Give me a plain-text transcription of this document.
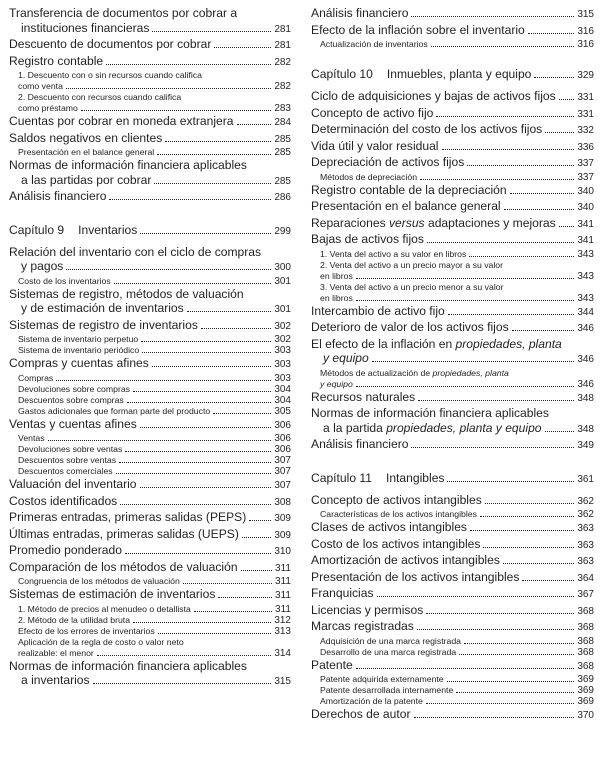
Transferencia de documentos por cobrar a
instituciones financieras	281
Descuento de documentos por cobrar	281
Registro contable	282
1. Descuento con o sin recursos cuando califica
como venta	282
2. Descuento con recursos cuando califica
como préstamo	283
Cuentas por cobrar en moneda extranjera	284
Saldos negativos en clientes	285
Presentación en el balance general	285
Normas de información financiera aplicables
a las partidas por cobrar	285
Análisis financiero	286
Capítulo 9 Inventarios	299
Relación del inventario con el ciclo de compras
y pagos	300
Costo de los inventarios	301
Sistemas de registro, métodos de valuación
y de estimación de inventarios	301
Sistemas de registro de inventarios	302
Sistema de inventario perpetuo	302
Sistema de inventario periódico	303
Compras y cuentas afines	303
Compras	303
Devoluciones sobre compras	304
Descuentos sobre compras	304
Gastos adicionales que forman parte del producto	305
Ventas y cuentas afines	306
Ventas	306
Devoluciones sobre ventas	306
Descuentos sobre ventas	307
Descuentos comerciales	307
Valuación del inventario	307
Costos identificados	308
Primeras entradas, primeras salidas (PEPS)	309
Últimas entradas, primeras salidas (UEPS)	309
Promedio ponderado	310
Comparación de los métodos de valuación	311
Congruencia de los métodos de valuación	311
Sistemas de estimación de inventarios	311
1. Método de precios al menudeo o detallista	311
2. Método de la utilidad bruta	312
Efecto de los errores de inventarios	313
Aplicación de la regla de costo o valor neto
realizable: el menor	314
Normas de información financiera aplicables
a inventarios	315
Análisis financiero	315
Efecto de la inflación sobre el inventario	316
Actualización de inventarios	316
Capítulo 10 Inmuebles, planta y equipo	329
Ciclo de adquisiciones y bajas de activos fijos 331
Concepto de activo fijo	331
Determinación del costo de los activos fijos	332
Vida útil y valor residual	336
Depreciación de activos fijos	337
Métodos de depreciación	337
Registro contable de la depreciación	340
Presentación en el balance general	340
Reparaciones versus adaptaciones y mejoras 341
Bajas de activos fijos	341
1. Venta del activo a su valor en libros	343
2. Venta del activo a un precio mayor a su valor
en libros	343
3. Venta del activo a un precio menor a su valor
en libros	343
Intercambio de activo fijo	344
Deterioro de valor de los activos fijos	346
El efecto de la inflación en propiedades, planta
y equipo	346
Métodos de actualización de propiedades, planta
y equipo	346
Recursos naturales	348
Normas de información financiera aplicables
a la partida propiedades, planta y equipo	348
Análisis financiero	349
Capítulo 11 Intangibles	361
Concepto de activos intangibles	362
Características de los activos intangibles	362
Clases de activos intangibles	363
Costo de los activos intangibles	363
Amortización de activos intangibles	363
Presentación de los activos intangibles	364
Franquicias	367
Licencias y permisos	368
Marcas registradas	368
Adquisición de una marca registrada	368
Desarrollo de una marca registrada	368
Patente	368
Patente adquirida externamente	369
Patente desarrollada internamente	369
Amortización de la patente	369
Derechos de autor	370
